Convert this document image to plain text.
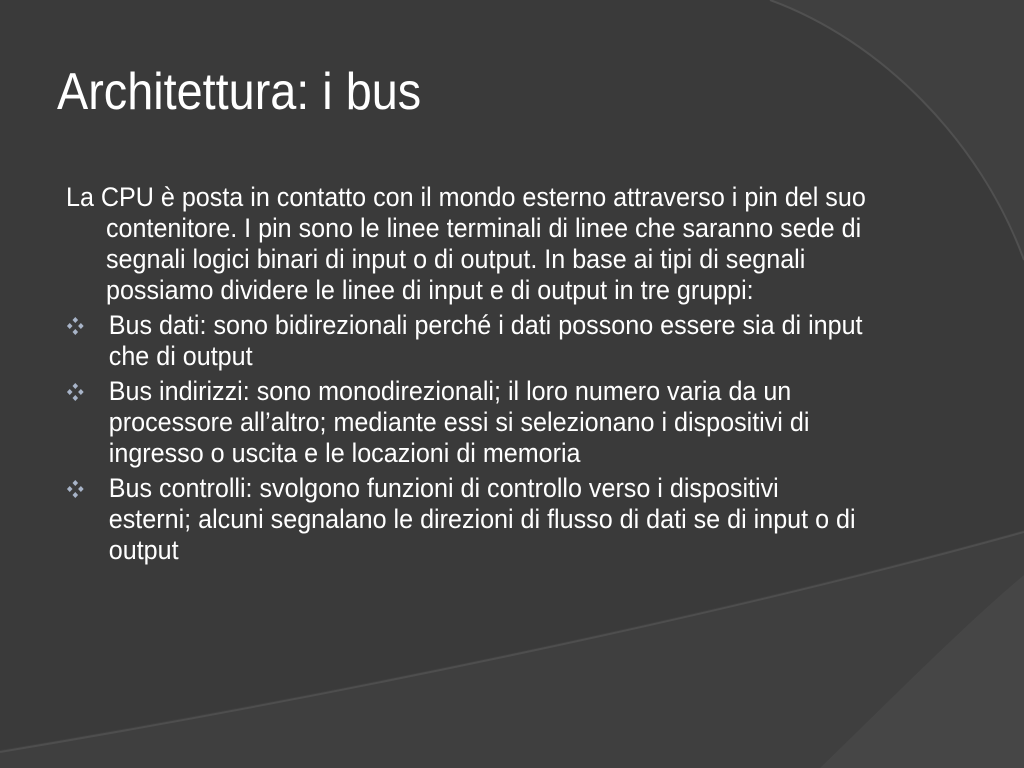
Architettura: i bus

La CPU è posta in contatto con il mondo esterno attraverso i pin del suo contenitore. I pin sono le linee terminali di linee che saranno sede di segnali logici binari di input o di output. In base ai tipi di segnali possiamo dividere le linee di input e di output in tre gruppi:

Bus dati: sono bidirezionali perché i dati possono essere sia di input che di output
Bus indirizzi: sono monodirezionali; il loro numero varia da un processore all’altro; mediante essi si selezionano i dispositivi di ingresso o uscita e le locazioni di memoria
Bus controlli: svolgono funzioni di controllo verso i dispositivi esterni; alcuni segnalano le direzioni di flusso di dati se di input o di output
